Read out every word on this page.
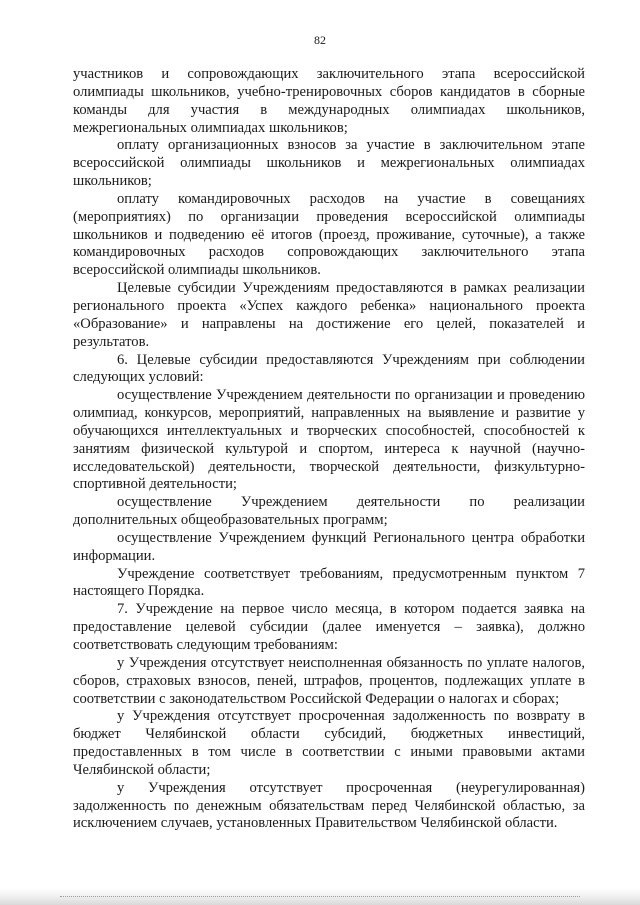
82

участников и сопровождающих заключительного этапа всероссийской олимпиады школьников, учебно-тренировочных сборов кандидатов в сборные команды для участия в международных олимпиадах школьников, межрегиональных олимпиадах школьников;

оплату организационных взносов за участие в заключительном этапе всероссийской олимпиады школьников и межрегиональных олимпиадах школьников;

оплату командировочных расходов на участие в совещаниях (мероприятиях) по организации проведения всероссийской олимпиады школьников и подведению её итогов (проезд, проживание, суточные), а также командировочных расходов сопровождающих заключительного этапа всероссийской олимпиады школьников.

Целевые субсидии Учреждениям предоставляются в рамках реализации регионального проекта «Успех каждого ребенка» национального проекта «Образование» и направлены на достижение его целей, показателей и результатов.

6. Целевые субсидии предоставляются Учреждениям при соблюдении следующих условий:

осуществление Учреждением деятельности по организации и проведению олимпиад, конкурсов, мероприятий, направленных на выявление и развитие у обучающихся интеллектуальных и творческих способностей, способностей к занятиям физической культурой и спортом, интереса к научной (научно-исследовательской) деятельности, творческой деятельности, физкультурно-спортивной деятельности;

осуществление Учреждением деятельности по реализации дополнительных общеобразовательных программ;

осуществление Учреждением функций Регионального центра обработки информации.

Учреждение соответствует требованиям, предусмотренным пунктом 7 настоящего Порядка.

7. Учреждение на первое число месяца, в котором подается заявка на предоставление целевой субсидии (далее именуется – заявка), должно соответствовать следующим требованиям:

у Учреждения отсутствует неисполненная обязанность по уплате налогов, сборов, страховых взносов, пеней, штрафов, процентов, подлежащих уплате в соответствии с законодательством Российской Федерации о налогах и сборах;

у Учреждения отсутствует просроченная задолженность по возврату в бюджет Челябинской области субсидий, бюджетных инвестиций, предоставленных в том числе в соответствии с иными правовыми актами Челябинской области;

у Учреждения отсутствует просроченная (неурегулированная) задолженность по денежным обязательствам перед Челябинской областью, за исключением случаев, установленных Правительством Челябинской области.
